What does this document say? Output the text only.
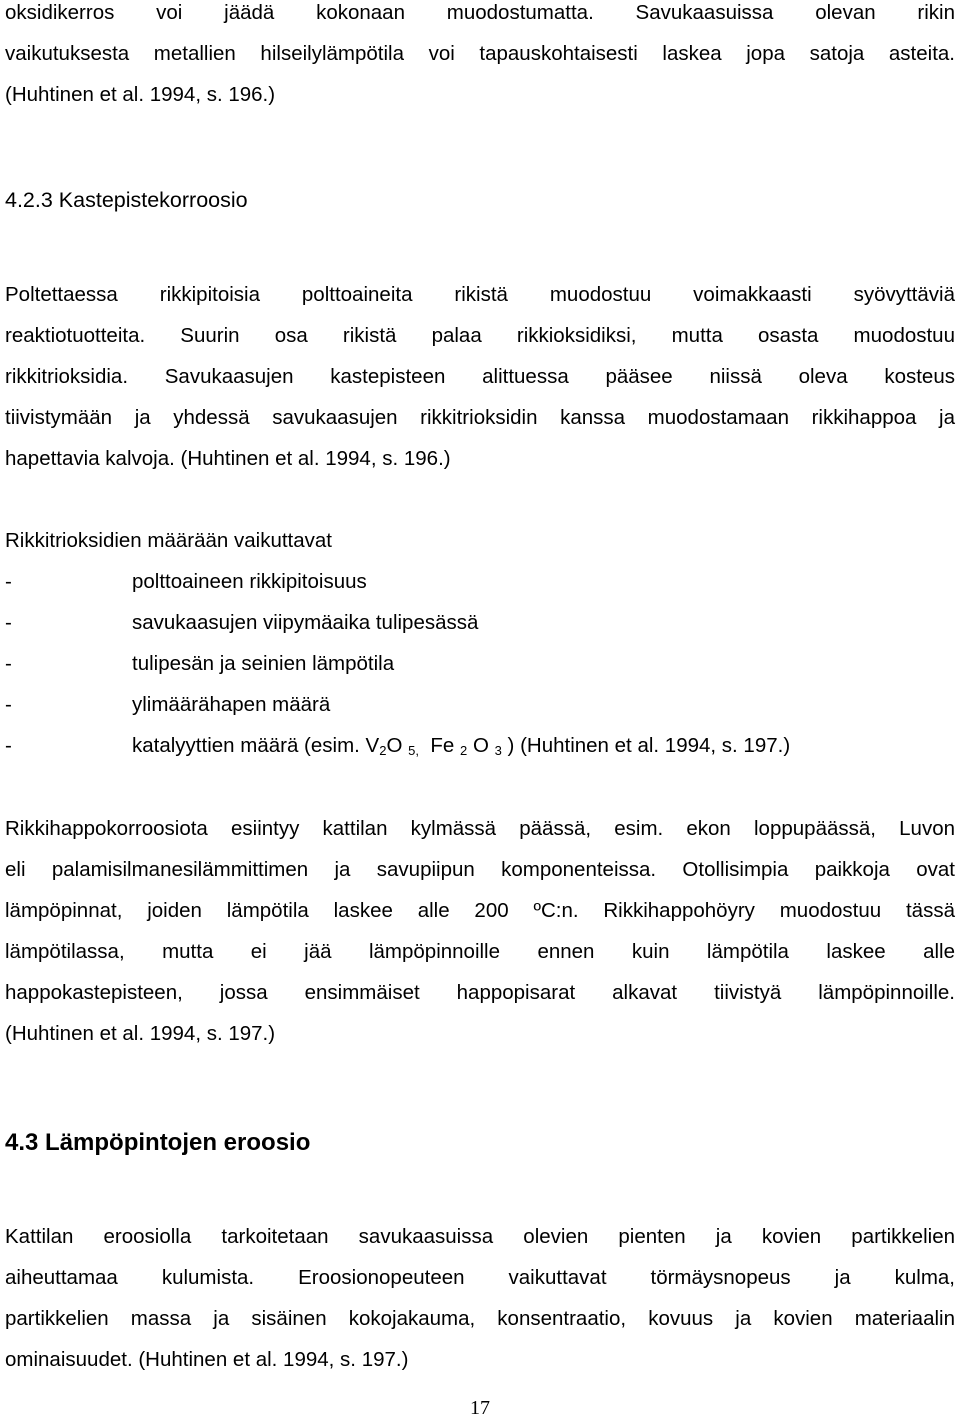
oksidikerros voi jäädä kokonaan muodostumatta. Savukaasuissa olevan rikin
vaikutuksesta metallien hilseilylämpötila voi tapauskohtaisesti laskea jopa satoja asteita.
(Huhtinen et al. 1994, s. 196.)
4.2.3 Kastepistekorroosio
Poltettaessa rikkipitoisia polttoaineita rikistä muodostuu voimakkaasti syövyttäviä
reaktiotuotteita. Suurin osa rikistä palaa rikkioksidiksi, mutta osasta muodostuu
rikkitrioksidia. Savukaasujen kastepisteen alittuessa pääsee niissä oleva kosteus
tiivistymään ja yhdessä savukaasujen rikkitrioksidin kanssa muodostamaan rikkihappoa ja
hapettavia kalvoja. (Huhtinen et al. 1994, s. 196.)
Rikkitrioksidien määrään vaikuttavat
-	polttoaineen rikkipitoisuus
-	savukaasujen viipymäaika tulipesässä
-	tulipesän ja seinien lämpötila
-	ylimäärähapen määrä
-	katalyyttien määrä (esim. $V_2O$ $_{5,}$ Fe $_2$ O $_3$ ) (Huhtinen et al. 1994, s. 197.)
Rikkihappokorroosiota esiintyy kattilan kylmässä päässä, esim. ekon loppupäässä, Luvon
eli palamisilmanesilämmittimen ja savupiipun komponenteissa. Otollisimpia paikkoja ovat
lämpöpinnat, joiden lämpötila laskee alle 200 ºC:n. Rikkihappohöyry muodostuu tässä
lämpötilassa, mutta ei jää lämpöpinnoille ennen kuin lämpötila laskee alle
happokastepisteen, jossa ensimmäiset happopisarat alkavat tiivistyä lämpöpinnoille.
(Huhtinen et al. 1994, s. 197.)
4.3 Lämpöpintojen eroosio
Kattilan eroosiolla tarkoitetaan savukaasuissa olevien pienten ja kovien partikkelien
aiheuttamaa kulumista. Eroosionopeuteen vaikuttavat törmäysnopeus ja kulma,
partikkelien massa ja sisäinen kokojakauma, konsentraatio, kovuus ja kovien materiaalin
ominaisuudet. (Huhtinen et al. 1994, s. 197.)
17
